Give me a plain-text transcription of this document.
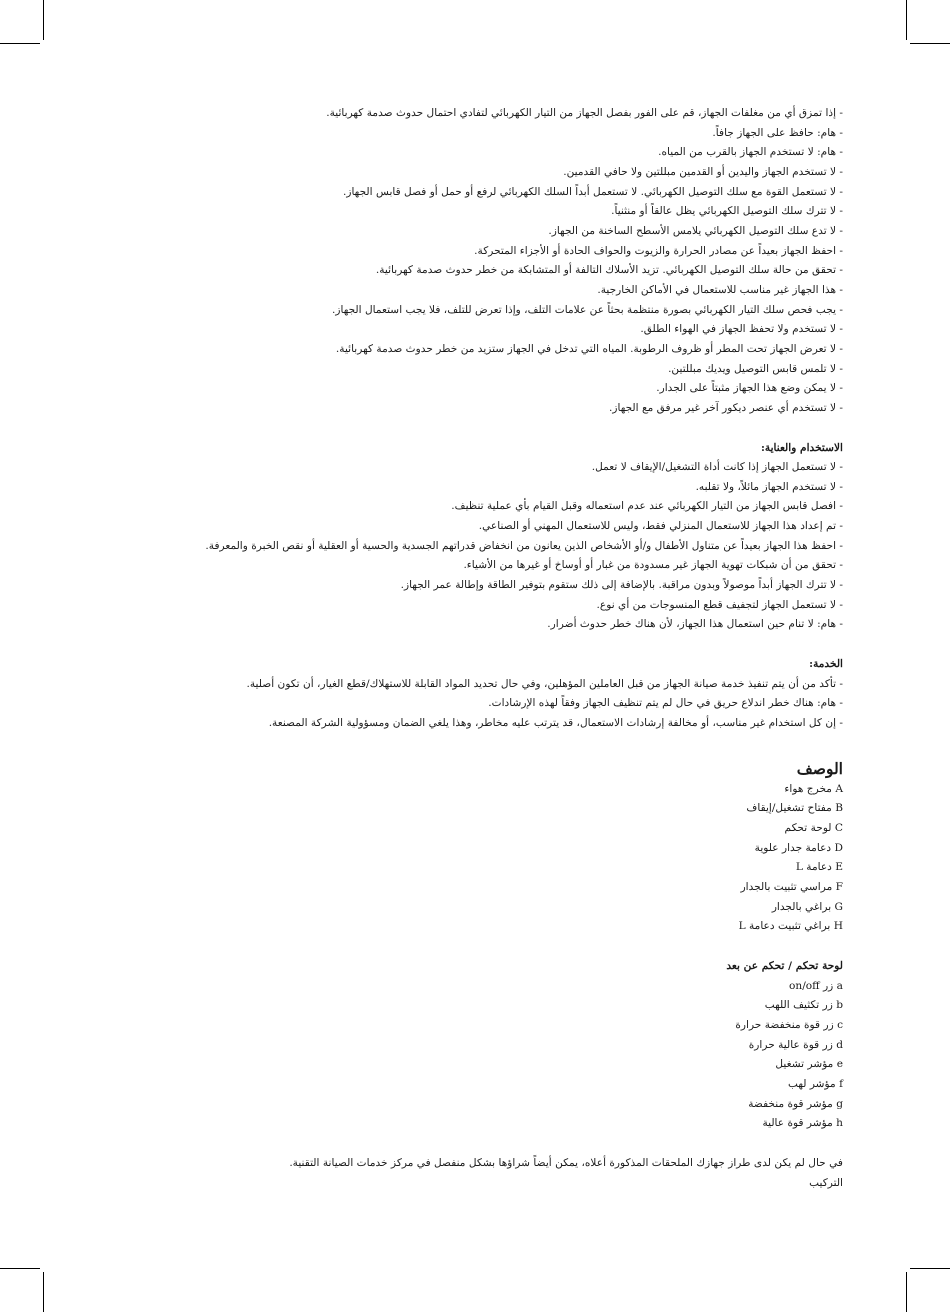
- إذا تمزق أي من مغلفات الجهاز، قم على الفور بفصل الجهاز من التيار الكهربائي لتفادي احتمال حدوث صدمة كهربائية.
- هام: حافظ على الجهاز جافاً.
- هام: لا تستخدم الجهاز بالقرب من المياه.
- لا تستخدم الجهاز واليدين أو القدمين مبللتين ولا حافي القدمين.
- لا تستعمل القوة مع سلك التوصيل الكهربائي. لا تستعمل أبداً السلك الكهربائي لرفع أو حمل أو فصل قابس الجهاز.
- لا تترك سلك التوصيل الكهربائي يظل عالقاً أو منثنياً.
- لا تدع سلك التوصيل الكهربائي يلامس الأسطح الساخنة من الجهاز.
- احفظ الجهاز بعيداً عن مصادر الحرارة والزيوت والحواف الحادة أو الأجزاء المتحركة.
- تحقق من حالة سلك التوصيل الكهربائي. تزيد الأسلاك التالفة أو المتشابكة من خطر حدوث صدمة كهربائية.
- هذا الجهاز غير مناسب للاستعمال في الأماكن الخارجية.
- يجب فحص سلك التيار الكهربائي بصورة منتظمة بحثاً عن علامات التلف، وإذا تعرض للتلف، فلا يجب استعمال الجهاز.
- لا تستخدم ولا تحفظ الجهاز في الهواء الطلق.
- لا تعرض الجهاز تحت المطر أو ظروف الرطوبة. المياه التي تدخل في الجهاز ستزيد من خطر حدوث صدمة كهربائية.
- لا تلمس قابس التوصيل ويديك مبللتين.
- لا يمكن وضع هذا الجهاز مثبتاً على الجدار.
- لا تستخدم أي عنصر ديكور آخر غير مرفق مع الجهاز.
الاستخدام والعناية:
- لا تستعمل الجهاز إذا كانت أداة التشغيل/الإيقاف لا تعمل.
- لا تستخدم الجهاز مائلاً، ولا تقلبه.
- افصل قابس الجهاز من التيار الكهربائي عند عدم استعماله وقبل القيام بأي عملية تنظيف.
- تم إعداد هذا الجهاز للاستعمال المنزلي فقط، وليس للاستعمال المهني أو الصناعي.
- احفظ هذا الجهاز بعيداً عن متناول الأطفال و/أو الأشخاص الذين يعانون من انخفاض قدراتهم الجسدية والحسية أو العقلية أو نقص الخبرة والمعرفة.
- تحقق من أن شبكات تهوية الجهاز غير مسدودة من غبار أو أوساخ أو غيرها من الأشياء.
- لا تترك الجهاز أبداً موصولاً وبدون مراقبة. بالإضافة إلى ذلك ستقوم بتوفير الطاقة وإطالة عمر الجهاز.
- لا تستعمل الجهاز لتجفيف قطع المنسوجات من أي نوع.
- هام: لا تنام حين استعمال هذا الجهاز، لأن هناك خطر حدوث أضرار.
الخدمة:
- تأكد من أن يتم تنفيذ خدمة صيانة الجهاز من قبل العاملين المؤهلين، وفي حال تحديد المواد القابلة للاستهلاك/قطع الغيار، أن تكون أصلية.
- هام: هناك خطر اندلاع حريق في حال لم يتم تنظيف الجهاز وفقاً لهذه الإرشادات.
- إن كل استخدام غير مناسب، أو مخالفة إرشادات الاستعمال، قد يترتب عليه مخاطر، وهذا يلغي الضمان ومسؤولية الشركة المصنعة.
الوصف
A مخرج هواء
B مفتاح تشغيل/إيقاف
C لوحة تحكم
D دعامة جدار علوية
E دعامة L
F مراسي تثبيت بالجدار
G براغي بالجدار
H براغي تثبيت دعامة L
لوحة تحكم / تحكم عن بعد
a زر on/off
b زر تكثيف اللهب
c زر قوة منخفضة حرارة
d زر قوة عالية حرارة
e مؤشر تشغيل
f مؤشر لهب
g مؤشر قوة منخفضة
h مؤشر قوة عالية
في حال لم يكن لدى طراز جهازك الملحقات المذكورة أعلاه، يمكن أيضاً شراؤها بشكل منفصل في مركز خدمات الصيانة التقنية.
التركيب
